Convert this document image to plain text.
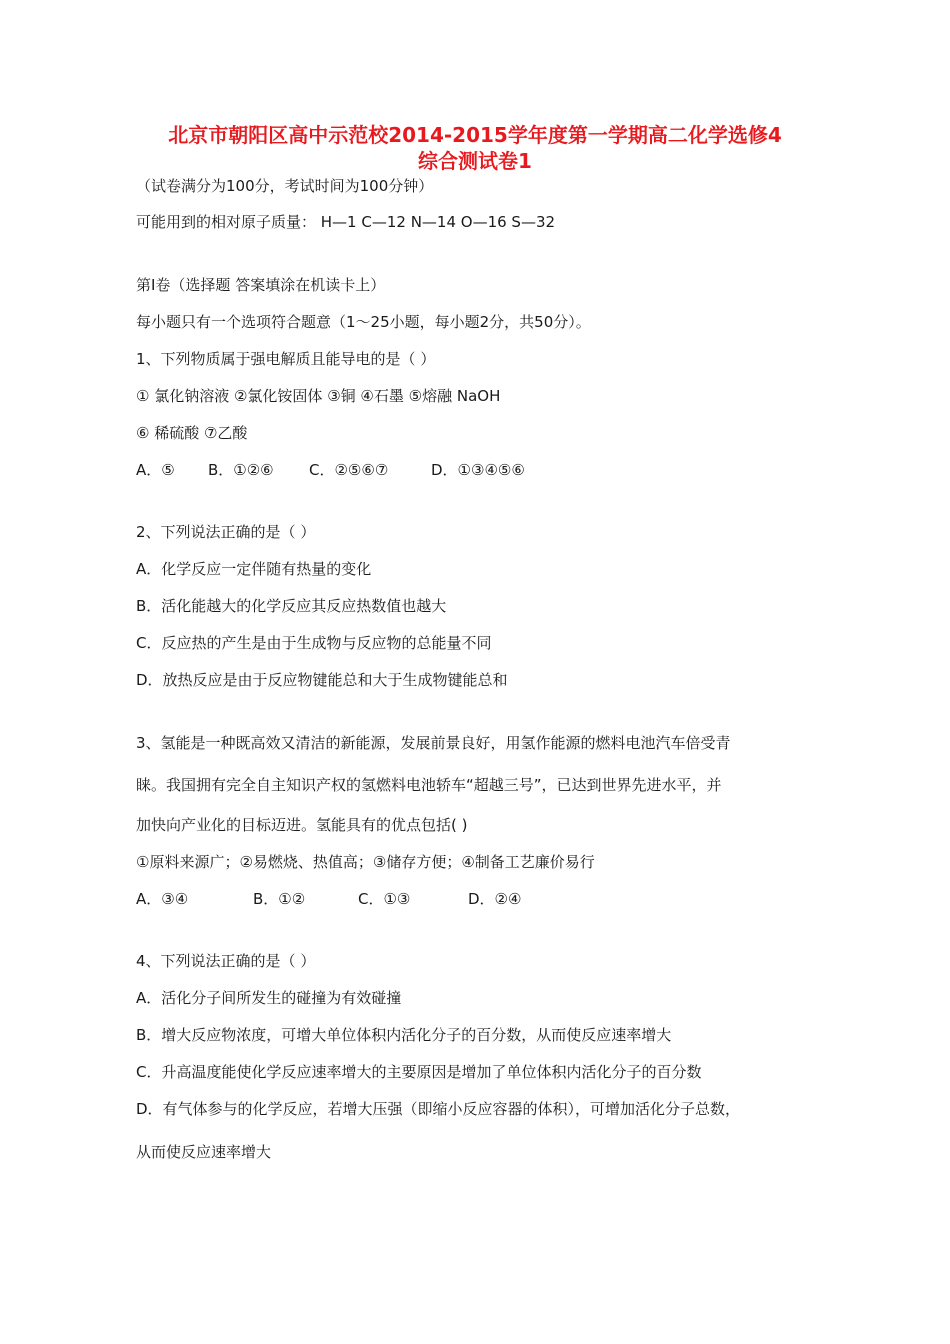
北京市朝阳区高中示范校2014-2015学年度第一学期高二化学选修4
综合测试卷1
（试卷满分为100分，考试时间为100分钟）
可能用到的相对原子质量： H—1 C—12 N—14 O—16 S—32
第Ⅰ卷（选择题 答案填涂在机读卡上）
每小题只有一个选项符合题意（1～25小题，每小题2分，共50分）。
1、下列物质属于强电解质且能导电的是（ ）
① 氯化钠溶液 ②氯化铵固体 ③铜 ④石墨 ⑤熔融 NaOH
⑥ 稀硫酸 ⑦乙酸
A．⑤ B．①②⑥ C．②⑤⑥⑦	D．①③④⑤⑥
2、下列说法正确的是（ ）
A．化学反应一定伴随有热量的变化
B．活化能越大的化学反应其反应热数值也越大
C．反应热的产生是由于生成物与反应物的总能量不同
D．放热反应是由于反应物键能总和大于生成物键能总和
3、氢能是一种既高效又清洁的新能源，发展前景良好，用氢作能源的燃料电池汽车倍受青
睐。我国拥有完全自主知识产权的氢燃料电池轿车“超越三号”，已达到世界先进水平，并
加快向产业化的目标迈进。氢能具有的优点包括( )
①原料来源广；②易燃烧、热值高；③储存方便；④制备工艺廉价易行
A．③④	B．①②	C．①③	D．②④
4、下列说法正确的是（ ）
A．活化分子间所发生的碰撞为有效碰撞
B．增大反应物浓度，可增大单位体积内活化分子的百分数，从而使反应速率增大
C．升高温度能使化学反应速率增大的主要原因是增加了单位体积内活化分子的百分数
D．有气体参与的化学反应，若增大压强（即缩小反应容器的体积），可增加活化分子总数，
从而使反应速率增大
